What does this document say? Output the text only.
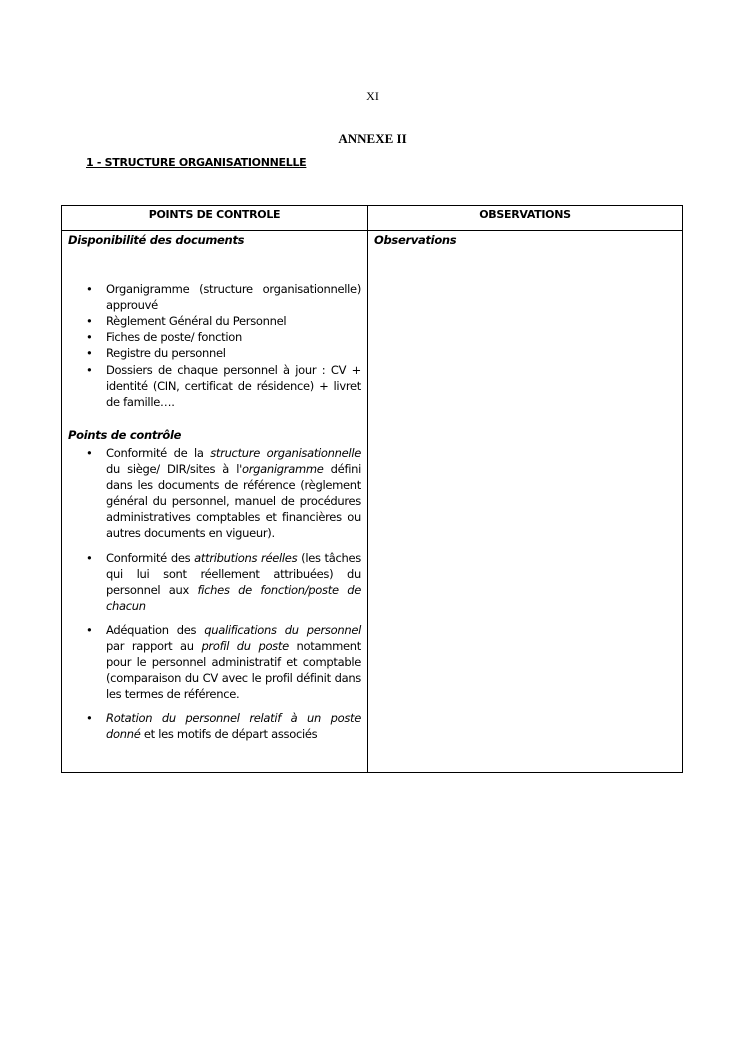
XI
ANNEXE II
1 - STRUCTURE ORGANISATIONNELLE
POINTS DE CONTROLE	OBSERVATIONS
Disponibilité des documents
• Organigramme (structure organisationnelle) approuvé
• Règlement Général du Personnel
• Fiches de poste/ fonction
• Registre du personnel
• Dossiers de chaque personnel à jour : CV + identité (CIN, certificat de résidence) + livret de famille….
Points de contrôle
• Conformité de la structure organisationnelle du siège/ DIR/sites à l'organigramme défini dans les documents de référence (règlement général du personnel, manuel de procédures administratives comptables et financières ou autres documents en vigueur).
• Conformité des attributions réelles (les tâches qui lui sont réellement attribuées) du personnel aux fiches de fonction/poste de chacun
• Adéquation des qualifications du personnel par rapport au profil du poste notamment pour le personnel administratif et comptable (comparaison du CV avec le profil définit dans les termes de référence.
• Rotation du personnel relatif à un poste donné et les motifs de départ associés
Observations
